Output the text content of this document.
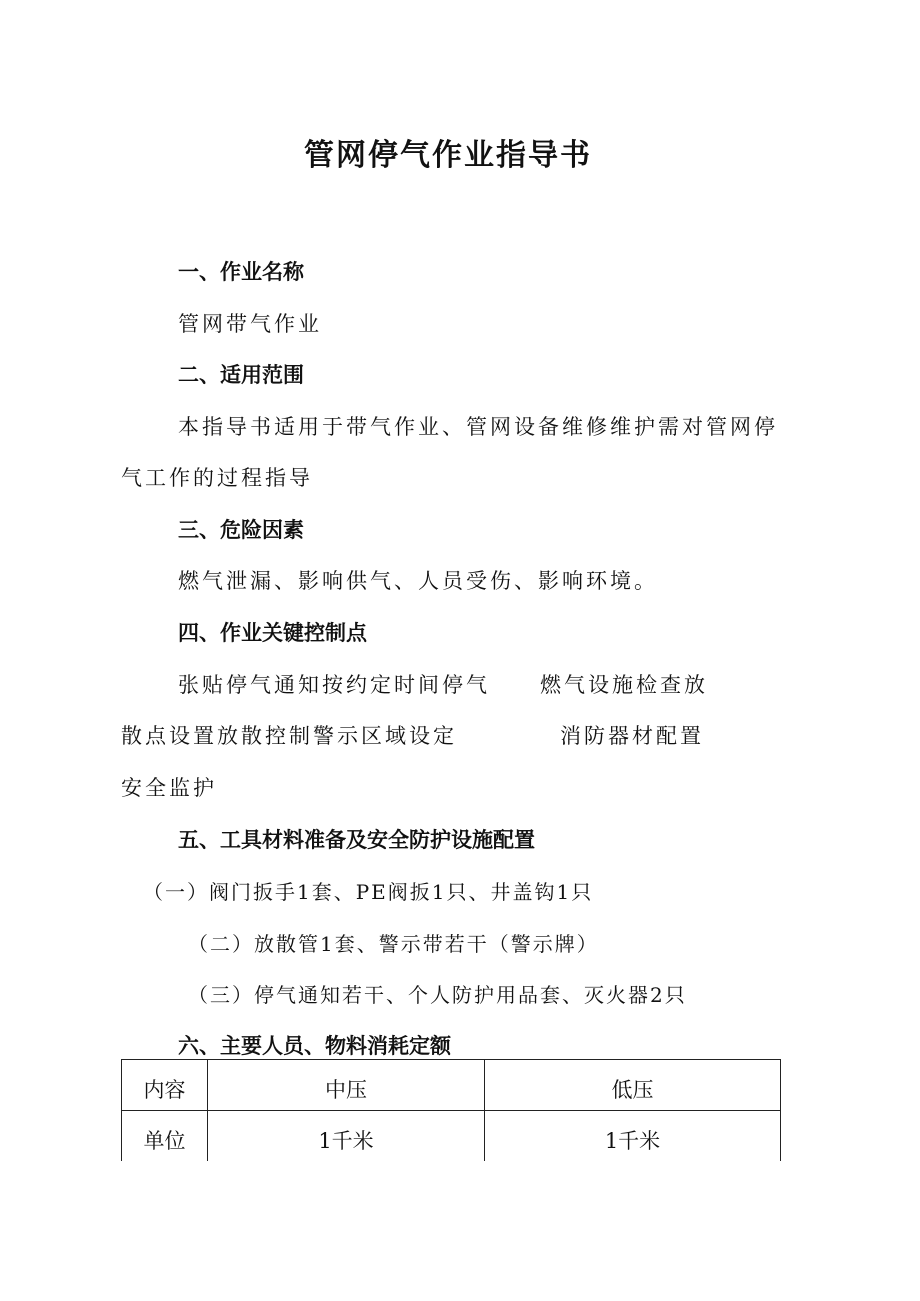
管网停气作业指导书
一、作业名称
管网带气作业
二、适用范围
本指导书适用于带气作业、管网设备维修维护需对管网停
气工作的过程指导
三、危险因素
燃气泄漏、影响供气、人员受伤、影响环境。
四、作业关键控制点
张贴停气通知按约定时间停气 燃气设施检查放
散点设置放散控制警示区域设定	消防器材配置
安全监护
五、工具材料准备及安全防护设施配置
（一）阀门扳手1套、PE阀扳1只、井盖钩1只
（二）放散管1套、警示带若干（警示牌）
（三）停气通知若干、个人防护用品套、灭火器2只
六、主要人员、物料消耗定额
内容	中压	低压
单位	1千米	1千米
